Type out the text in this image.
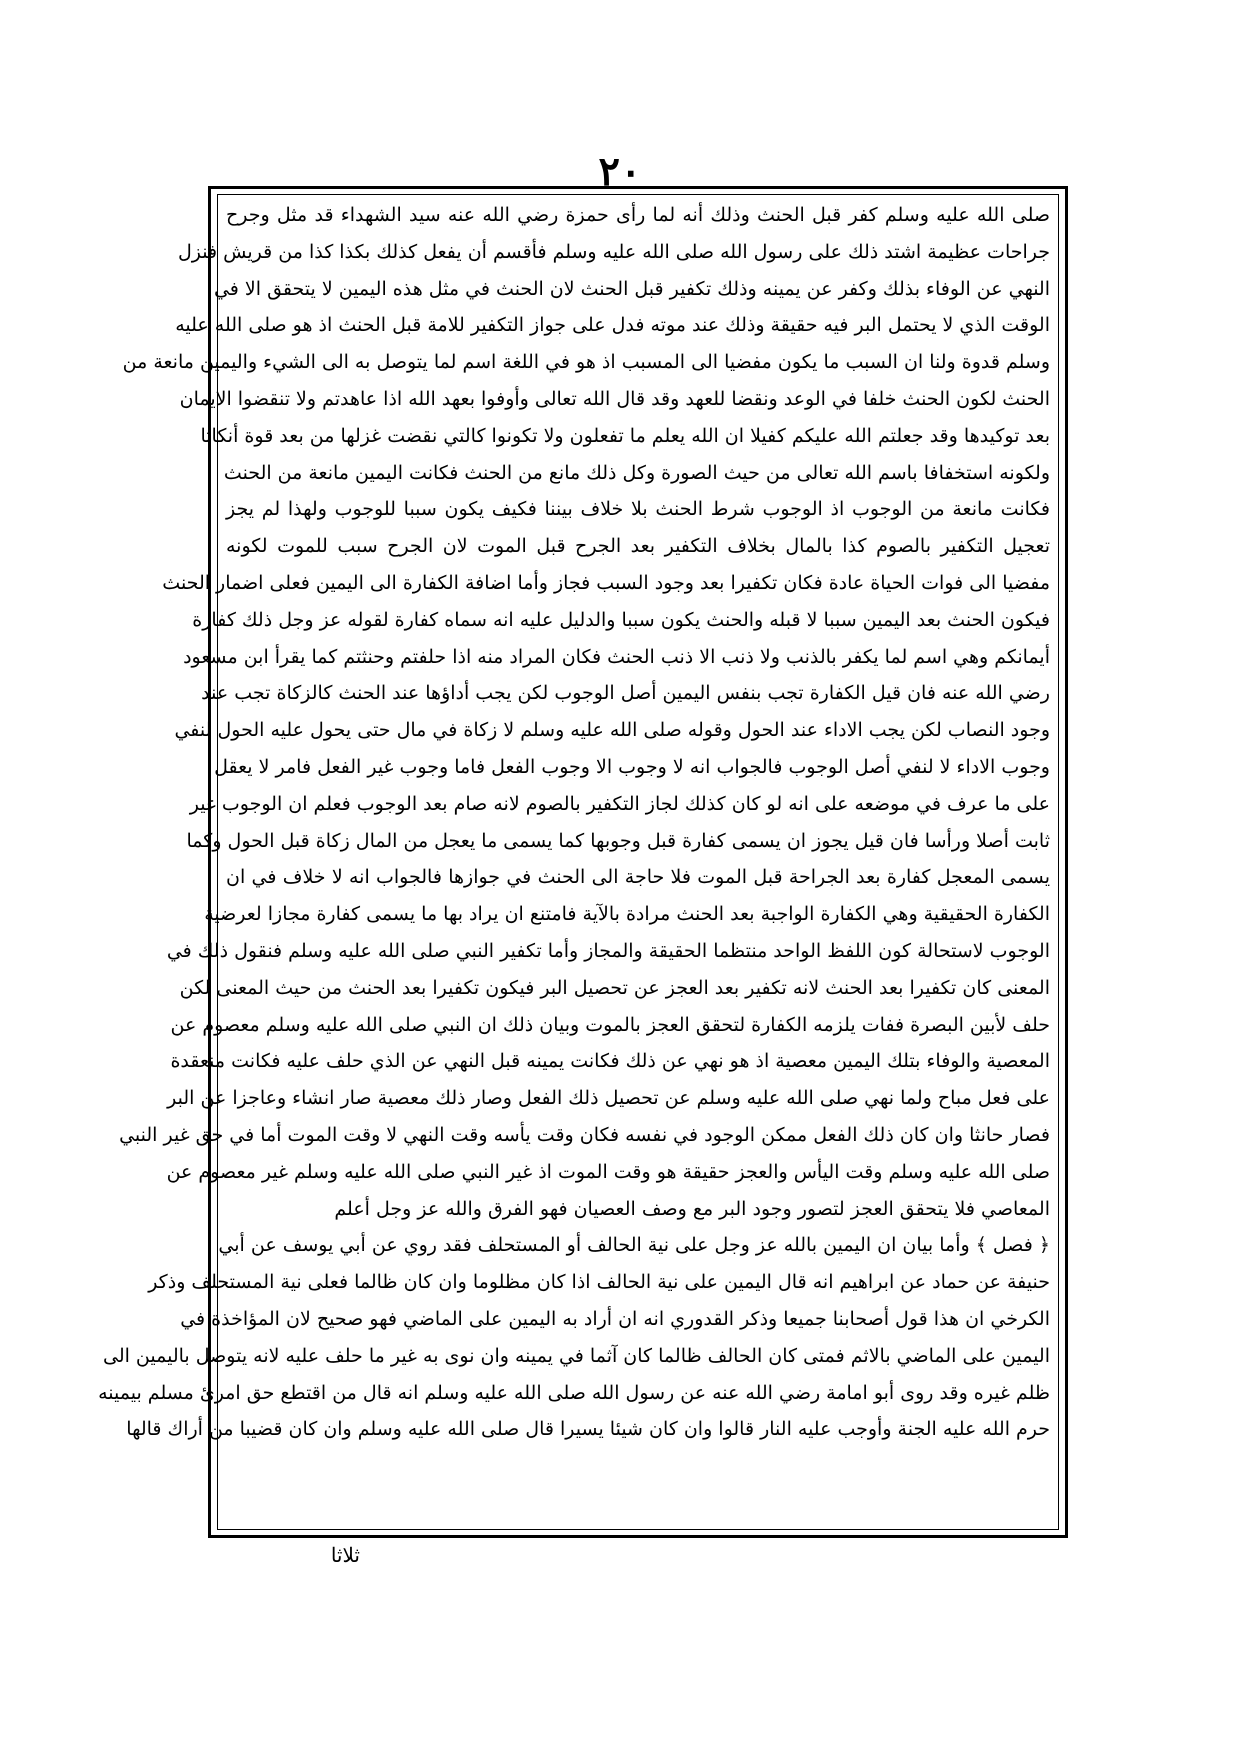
٢٠
صلى الله عليه وسلم كفر قبل الحنث وذلك أنه لما رأى حمزة رضي الله عنه سيد الشهداء قد مثل وجرح
جراحات عظيمة اشتد ذلك على رسول الله صلى الله عليه وسلم فأقسم أن يفعل كذلك بكذا كذا من قريش فنزل
النهي عن الوفاء بذلك وكفر عن يمينه وذلك تكفير قبل الحنث لان الحنث في مثل هذه اليمين لا يتحقق الا في
الوقت الذي لا يحتمل البر فيه حقيقة وذلك عند موته فدل على جواز التكفير للامة قبل الحنث اذ هو صلى الله عليه
وسلم قدوة ولنا ان السبب ما يكون مفضيا الى المسبب اذ هو في اللغة اسم لما يتوصل به الى الشيء واليمين مانعة من
الحنث لكون الحنث خلفا في الوعد ونقضا للعهد وقد قال الله تعالى وأوفوا بعهد الله اذا عاهدتم ولا تنقضوا الايمان
بعد توكيدها وقد جعلتم الله عليكم كفيلا ان الله يعلم ما تفعلون ولا تكونوا كالتي نقضت غزلها من بعد قوة أنكاثا
ولكونه استخفافا باسم الله تعالى من حيث الصورة وكل ذلك مانع من الحنث فكانت اليمين مانعة من الحنث
فكانت مانعة من الوجوب اذ الوجوب شرط الحنث بلا خلاف بيننا فكيف يكون سببا للوجوب ولهذا لم يجز
تعجيل التكفير بالصوم كذا بالمال بخلاف التكفير بعد الجرح قبل الموت لان الجرح سبب للموت لكونه
مفضيا الى فوات الحياة عادة فكان تكفيرا بعد وجود السبب فجاز وأما اضافة الكفارة الى اليمين فعلى اضمار الحنث
فيكون الحنث بعد اليمين سببا لا قبله والحنث يكون سببا والدليل عليه انه سماه كفارة لقوله عز وجل ذلك كفارة
أيمانكم وهي اسم لما يكفر بالذنب ولا ذنب الا ذنب الحنث فكان المراد منه اذا حلفتم وحنثتم كما يقرأ ابن مسعود
رضي الله عنه فان قيل الكفارة تجب بنفس اليمين أصل الوجوب لكن يجب أداؤها عند الحنث كالزكاة تجب عند
وجود النصاب لكن يجب الاداء عند الحول وقوله صلى الله عليه وسلم لا زكاة في مال حتى يحول عليه الحول لنفي
وجوب الاداء لا لنفي أصل الوجوب فالجواب انه لا وجوب الا وجوب الفعل فاما وجوب غير الفعل فامر لا يعقل
على ما عرف في موضعه على انه لو كان كذلك لجاز التكفير بالصوم لانه صام بعد الوجوب فعلم ان الوجوب غير
ثابت أصلا ورأسا فان قيل يجوز ان يسمى كفارة قبل وجوبها كما يسمى ما يعجل من المال زكاة قبل الحول وكما
يسمى المعجل كفارة بعد الجراحة قبل الموت فلا حاجة الى الحنث في جوازها فالجواب انه لا خلاف في ان
الكفارة الحقيقية وهي الكفارة الواجبة بعد الحنث مرادة بالآية فامتنع ان يراد بها ما يسمى كفارة مجازا لعرضية
الوجوب لاستحالة كون اللفظ الواحد منتظما الحقيقة والمجاز وأما تكفير النبي صلى الله عليه وسلم فنقول ذلك في
المعنى كان تكفيرا بعد الحنث لانه تكفير بعد العجز عن تحصيل البر فيكون تكفيرا بعد الحنث من حيث المعنى لكن
حلف لأبين البصرة ففات يلزمه الكفارة لتحقق العجز بالموت وبيان ذلك ان النبي صلى الله عليه وسلم معصوم عن
المعصية والوفاء بتلك اليمين معصية اذ هو نهي عن ذلك فكانت يمينه قبل النهي عن الذي حلف عليه فكانت منعقدة
على فعل مباح ولما نهي صلى الله عليه وسلم عن تحصيل ذلك الفعل وصار ذلك معصية صار انشاء وعاجزا عن البر
فصار حانثا وان كان ذلك الفعل ممكن الوجود في نفسه فكان وقت يأسه وقت النهي لا وقت الموت أما في حق غير النبي
صلى الله عليه وسلم وقت اليأس والعجز حقيقة هو وقت الموت اذ غير النبي صلى الله عليه وسلم غير معصوم عن
المعاصي فلا يتحقق العجز لتصور وجود البر مع وصف العصيان فهو الفرق والله عز وجل أعلم
﴿ فصل ﴾ وأما بيان ان اليمين بالله عز وجل على نية الحالف أو المستحلف فقد روي عن أبي يوسف عن أبي
حنيفة عن حماد عن ابراهيم انه قال اليمين على نية الحالف اذا كان مظلوما وان كان ظالما فعلى نية المستحلف وذكر
الكرخي ان هذا قول أصحابنا جميعا وذكر القدوري انه ان أراد به اليمين على الماضي فهو صحيح لان المؤاخذة في
اليمين على الماضي بالاثم فمتى كان الحالف ظالما كان آثما في يمينه وان نوى به غير ما حلف عليه لانه يتوصل باليمين الى
ظلم غيره وقد روى أبو امامة رضي الله عنه عن رسول الله صلى الله عليه وسلم انه قال من اقتطع حق امرئ مسلم بيمينه
حرم الله عليه الجنة وأوجب عليه النار قالوا وان كان شيئا يسيرا قال صلى الله عليه وسلم وان كان قضيبا من أراك قالها
ثلاثا
